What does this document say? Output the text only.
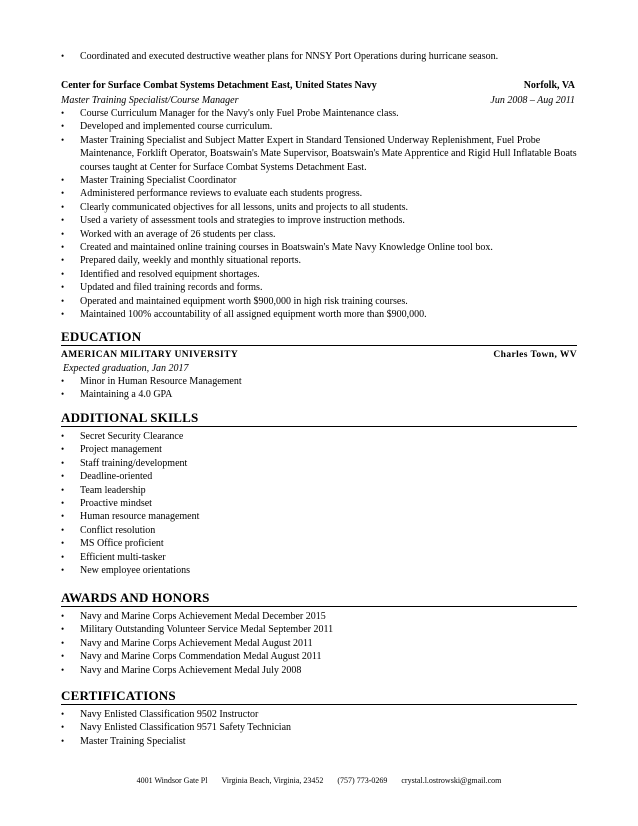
• Coordinated and executed destructive weather plans for NNSY Port Operations during hurricane season.
Center for Surface Combat Systems Detachment East, United States Navy	Norfolk, VA
Master Training Specialist/Course Manager	Jun 2008 – Aug 2011
• Course Curriculum Manager for the Navy's only Fuel Probe Maintenance class.
• Developed and implemented course curriculum.
• Master Training Specialist and Subject Matter Expert in Standard Tensioned Underway Replenishment, Fuel Probe Maintenance, Forklift Operator, Boatswain's Mate Supervisor, Boatswain's Mate Apprentice and Rigid Hull Inflatable Boats courses taught at Center for Surface Combat Systems Detachment East.
• Master Training Specialist Coordinator
• Administered performance reviews to evaluate each students progress.
• Clearly communicated objectives for all lessons, units and projects to all students.
• Used a variety of assessment tools and strategies to improve instruction methods.
• Worked with an average of 26 students per class.
• Created and maintained online training courses in Boatswain's Mate Navy Knowledge Online tool box.
• Prepared daily, weekly and monthly situational reports.
• Identified and resolved equipment shortages.
• Updated and filed training records and forms.
• Operated and maintained equipment worth $900,000 in high risk training courses.
• Maintained 100% accountability of all assigned equipment worth more than $900,000.
EDUCATION
AMERICAN MILITARY UNIVERSITY	Charles Town, WV
Expected graduation, Jan 2017
• Minor in Human Resource Management
• Maintaining a 4.0 GPA
ADDITIONAL SKILLS
• Secret Security Clearance
• Project management
• Staff training/development
• Deadline-oriented
• Team leadership
• Proactive mindset
• Human resource management
• Conflict resolution
• MS Office proficient
• Efficient multi-tasker
• New employee orientations
AWARDS AND HONORS
• Navy and Marine Corps Achievement Medal December 2015
• Military Outstanding Volunteer Service Medal September 2011
• Navy and Marine Corps Achievement Medal August 2011
• Navy and Marine Corps Commendation Medal August 2011
• Navy and Marine Corps Achievement Medal July 2008
CERTIFICATIONS
• Navy Enlisted Classification 9502 Instructor
• Navy Enlisted Classification 9571 Safety Technician
• Master Training Specialist
4001 Windsor Gate Pl Virginia Beach, Virginia, 23452 (757) 773-0269 crystal.l.ostrowski@gmail.com
